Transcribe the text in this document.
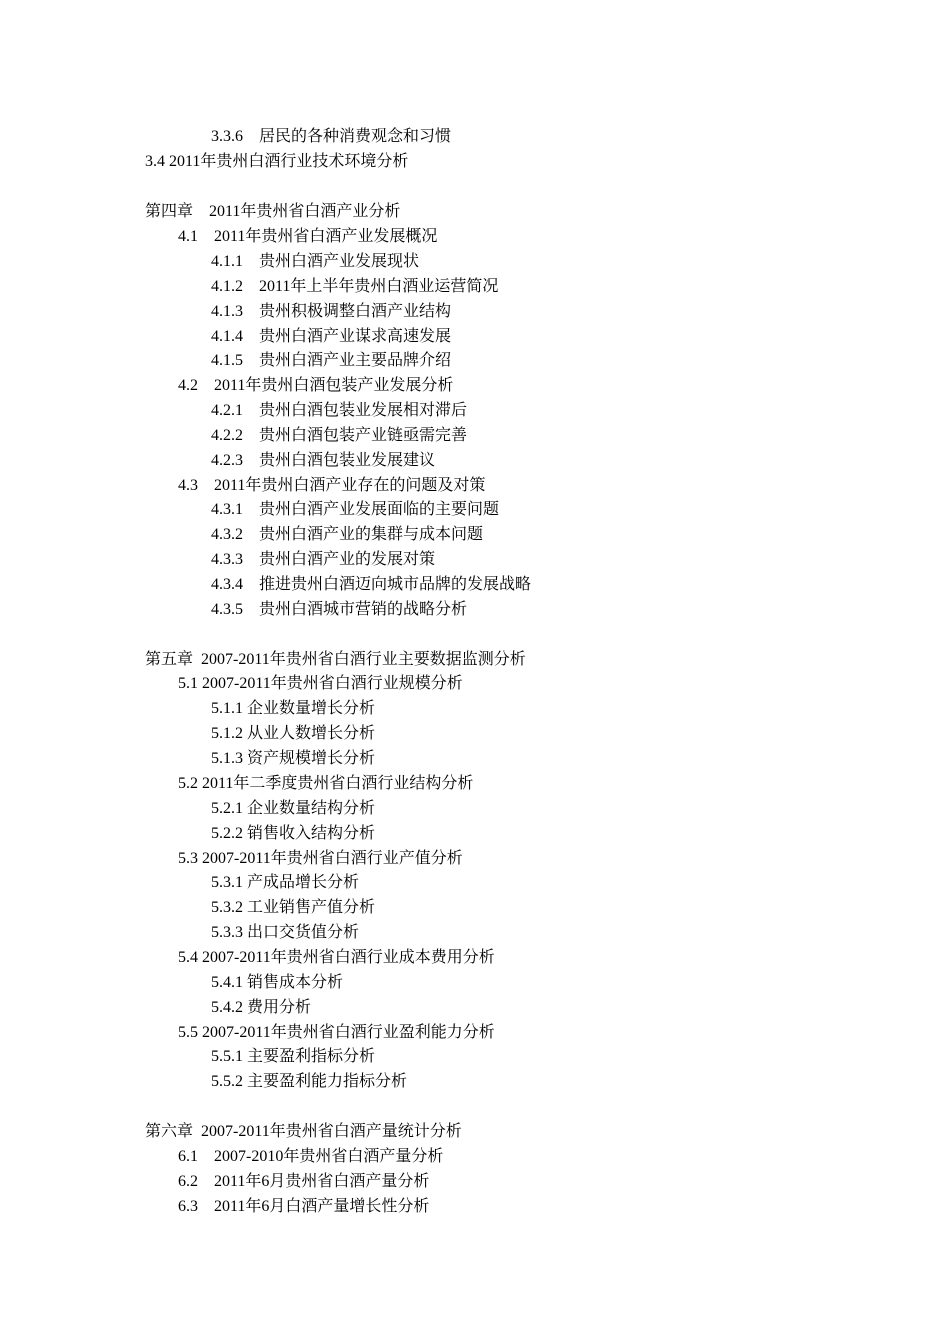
3.3.6　居民的各种消费观念和习惯
3.4 2011年贵州白酒行业技术环境分析
第四章　2011年贵州省白酒产业分析
4.1　2011年贵州省白酒产业发展概况
4.1.1　贵州白酒产业发展现状
4.1.2　2011年上半年贵州白酒业运营简况
4.1.3　贵州积极调整白酒产业结构
4.1.4　贵州白酒产业谋求高速发展
4.1.5　贵州白酒产业主要品牌介绍
4.2　2011年贵州白酒包装产业发展分析
4.2.1　贵州白酒包装业发展相对滞后
4.2.2　贵州白酒包装产业链亟需完善
4.2.3　贵州白酒包装业发展建议
4.3　2011年贵州白酒产业存在的问题及对策
4.3.1　贵州白酒产业发展面临的主要问题
4.3.2　贵州白酒产业的集群与成本问题
4.3.3　贵州白酒产业的发展对策
4.3.4　推进贵州白酒迈向城市品牌的发展战略
4.3.5　贵州白酒城市营销的战略分析
第五章  2007-2011年贵州省白酒行业主要数据监测分析
5.1 2007-2011年贵州省白酒行业规模分析
5.1.1 企业数量增长分析
5.1.2 从业人数增长分析
5.1.3 资产规模增长分析
5.2 2011年二季度贵州省白酒行业结构分析
5.2.1 企业数量结构分析
5.2.2 销售收入结构分析
5.3 2007-2011年贵州省白酒行业产值分析
5.3.1 产成品增长分析
5.3.2 工业销售产值分析
5.3.3 出口交货值分析
5.4 2007-2011年贵州省白酒行业成本费用分析
5.4.1 销售成本分析
5.4.2 费用分析
5.5 2007-2011年贵州省白酒行业盈利能力分析
5.5.1 主要盈利指标分析
5.5.2 主要盈利能力指标分析
第六章  2007-2011年贵州省白酒产量统计分析
6.1　2007-2010年贵州省白酒产量分析
6.2　2011年6月贵州省白酒产量分析
6.3　2011年6月白酒产量增长性分析
